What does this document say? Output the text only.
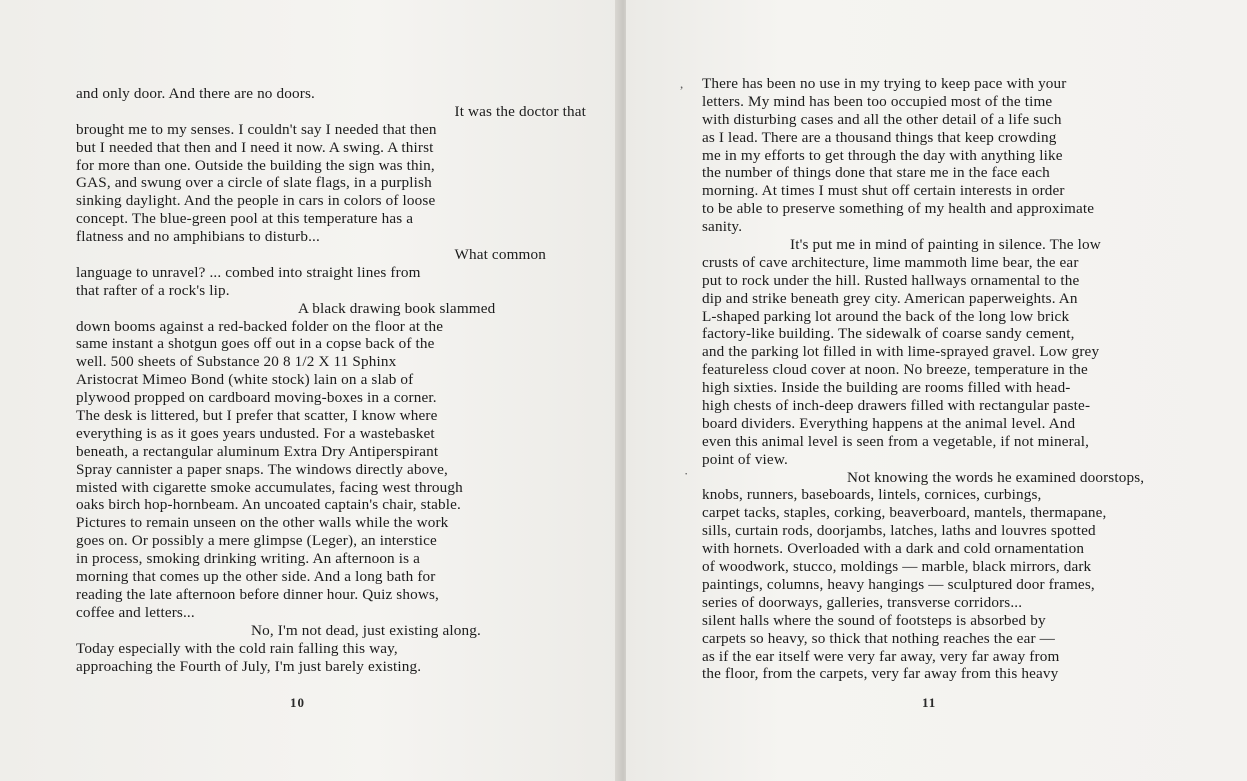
and only door. And there are no doors.
It was the doctor that
brought me to my senses. I couldn't say I needed that then
but I needed that then and I need it now. A swing. A thirst
for more than one. Outside the building the sign was thin,
GAS, and swung over a circle of slate flags, in a purplish
sinking daylight. And the people in cars in colors of loose
concept. The blue-green pool at this temperature has a
flatness and no amphibians to disturb...
What common
language to unravel? ... combed into straight lines from
that rafter of a rock's lip.
A black drawing book slammed
down booms against a red-backed folder on the floor at the
same instant a shotgun goes off out in a copse back of the
well. 500 sheets of Substance 20 8 1/2 X 11 Sphinx
Aristocrat Mimeo Bond (white stock) lain on a slab of
plywood propped on cardboard moving-boxes in a corner.
The desk is littered, but I prefer that scatter, I know where
everything is as it goes years undusted. For a wastebasket
beneath, a rectangular aluminum Extra Dry Antiperspirant
Spray cannister a paper snaps. The windows directly above,
misted with cigarette smoke accumulates, facing west through
oaks birch hop-hornbeam. An uncoated captain's chair, stable.
Pictures to remain unseen on the other walls while the work
goes on. Or possibly a mere glimpse (Leger), an interstice
in process, smoking drinking writing. An afternoon is a
morning that comes up the other side. And a long bath for
reading the late afternoon before dinner hour. Quiz shows,
coffee and letters...
No, I'm not dead, just existing along.
Today especially with the cold rain falling this way,
approaching the Fourth of July, I'm just barely existing.
10
,
·
There has been no use in my trying to keep pace with your
letters. My mind has been too occupied most of the time
with disturbing cases and all the other detail of a life such
as I lead. There are a thousand things that keep crowding
me in my efforts to get through the day with anything like
the number of things done that stare me in the face each
morning. At times I must shut off certain interests in order
to be able to preserve something of my health and approximate
sanity.
It's put me in mind of painting in silence. The low
crusts of cave architecture, lime mammoth lime bear, the ear
put to rock under the hill. Rusted hallways ornamental to the
dip and strike beneath grey city. American paperweights. An
L-shaped parking lot around the back of the long low brick
factory-like building. The sidewalk of coarse sandy cement,
and the parking lot filled in with lime-sprayed gravel. Low grey
featureless cloud cover at noon. No breeze, temperature in the
high sixties. Inside the building are rooms filled with head-
high chests of inch-deep drawers filled with rectangular paste-
board dividers. Everything happens at the animal level. And
even this animal level is seen from a vegetable, if not mineral,
point of view.
Not knowing the words he examined doorstops,
knobs, runners, baseboards, lintels, cornices, curbings,
carpet tacks, staples, corking, beaverboard, mantels, thermapane,
sills, curtain rods, doorjambs, latches, laths and louvres spotted
with hornets. Overloaded with a dark and cold ornamentation
of woodwork, stucco, moldings — marble, black mirrors, dark
paintings, columns, heavy hangings — sculptured door frames,
series of doorways, galleries, transverse corridors...
silent halls where the sound of footsteps is absorbed by
carpets so heavy, so thick that nothing reaches the ear —
as if the ear itself were very far away, very far away from
the floor, from the carpets, very far away from this heavy
11
